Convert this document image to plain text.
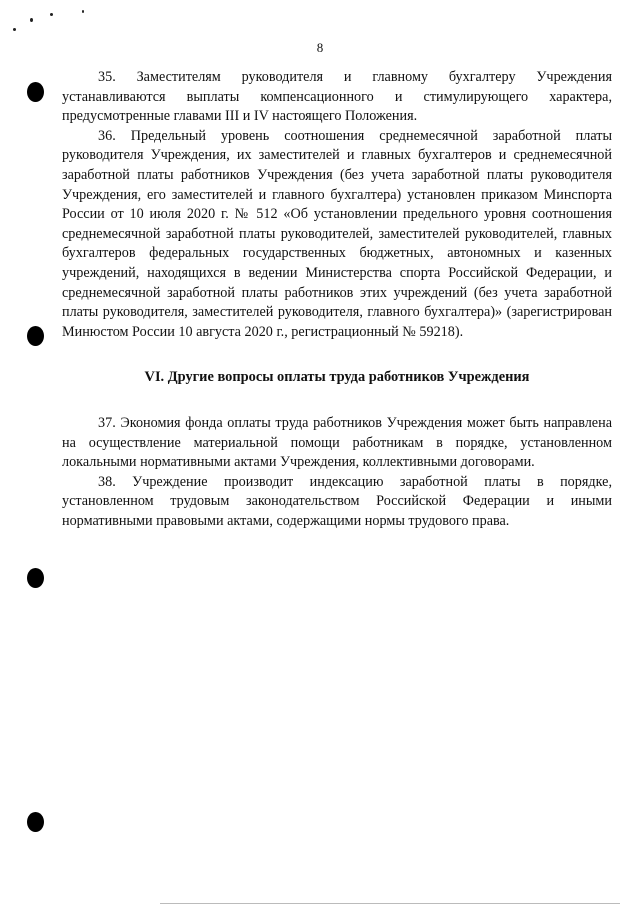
8

35. Заместителям руководителя и главному бухгалтеру Учреждения устанавливаются выплаты компенсационного и стимулирующего характера, предусмотренные главами III и IV настоящего Положения.

36. Предельный уровень соотношения среднемесячной заработной платы руководителя Учреждения, их заместителей и главных бухгалтеров и среднемесячной заработной платы работников Учреждения (без учета заработной платы руководителя Учреждения, его заместителей и главного бухгалтера) установлен приказом Минспорта России от 10 июля 2020 г. № 512 «Об установлении предельного уровня соотношения среднемесячной заработной платы руководителей, заместителей руководителей, главных бухгалтеров федеральных государственных бюджетных, автономных и казенных учреждений, находящихся в ведении Министерства спорта Российской Федерации, и среднемесячной заработной платы работников этих учреждений (без учета заработной платы руководителя, заместителей руководителя, главного бухгалтера)» (зарегистрирован Минюстом России 10 августа 2020 г., регистрационный № 59218).

VI. Другие вопросы оплаты труда работников Учреждения

37. Экономия фонда оплаты труда работников Учреждения может быть направлена на осуществление материальной помощи работникам в порядке, установленном локальными нормативными актами Учреждения, коллективными договорами.

38. Учреждение производит индексацию заработной платы в порядке, установленном трудовым законодательством Российской Федерации и иными нормативными правовыми актами, содержащими нормы трудового права.
